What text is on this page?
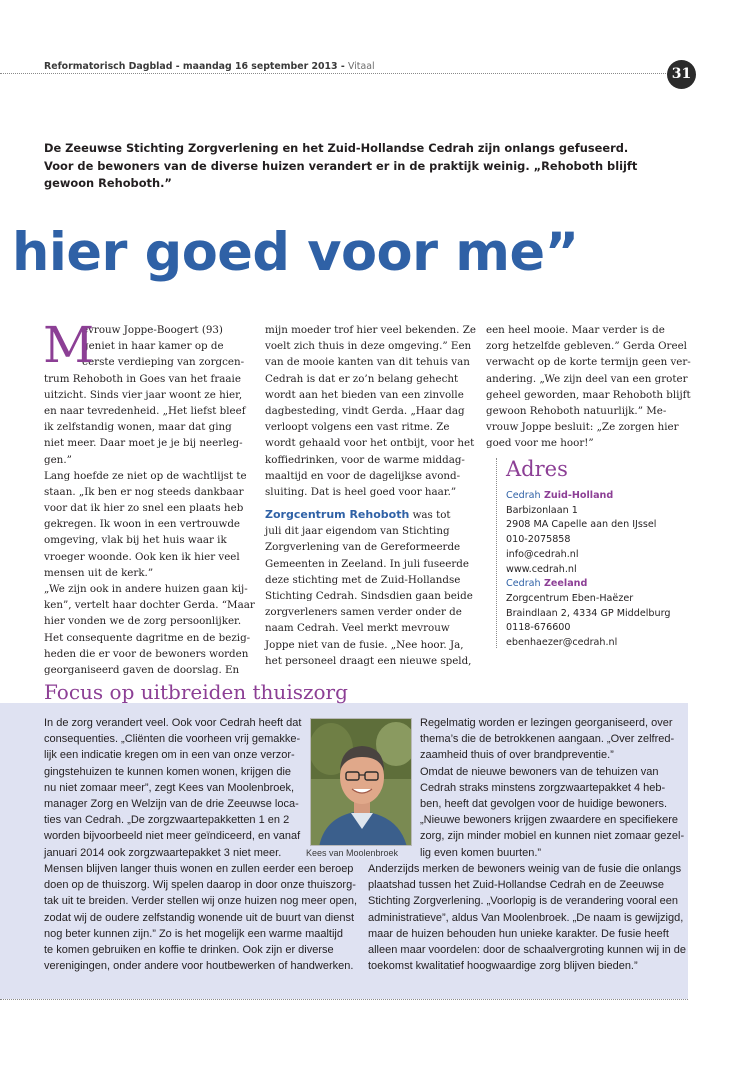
Reformatorisch Dagblad - maandag 16 september 2013 - Vitaal	31
De Zeeuwse Stichting Zorgverlening en het Zuid-Hollandse Cedrah zijn onlangs gefuseerd. Voor de bewoners van de diverse huizen verandert er in de praktijk weinig. „Rehoboth blijft gewoon Rehoboth.”
hier goed voor me”
M
evrouw Joppe-Boogert (93)
geniet in haar kamer op de
eerste verdieping van zorgcen-
trum Rehoboth in Goes van het fraaie
uitzicht. Sinds vier jaar woont ze hier,
en naar tevredenheid. „Het liefst bleef
ik zelfstandig wonen, maar dat ging
niet meer. Daar moet je je bij neerleg-
gen.”
Lang hoefde ze niet op de wachtlijst te
staan. „Ik ben er nog steeds dankbaar
voor dat ik hier zo snel een plaats heb
gekregen. Ik woon in een vertrouwde
omgeving, vlak bij het huis waar ik
vroeger woonde. Ook ken ik hier veel
mensen uit de kerk.”
„We zijn ook in andere huizen gaan kij-
ken”, vertelt haar dochter Gerda. “Maar
hier vonden we de zorg persoonlijker.
Het consequente dagritme en de bezig-
heden die er voor de bewoners worden
georganiseerd gaven de doorslag. En
mijn moeder trof hier veel bekenden. Ze
voelt zich thuis in deze omgeving.” Een
van de mooie kanten van dit tehuis van
Cedrah is dat er zo’n belang gehecht
wordt aan het bieden van een zinvolle
dagbesteding, vindt Gerda. „Haar dag
verloopt volgens een vast ritme. Ze
wordt gehaald voor het ontbijt, voor het
koffiedrinken, voor de warme middag-
maaltijd en voor de dagelijkse avond-
sluiting. Dat is heel goed voor haar.”
Zorgcentrum Rehoboth was tot
juli dit jaar eigendom van Stichting
Zorgverlening van de Gereformeerde
Gemeenten in Zeeland. In juli fuseerde
deze stichting met de Zuid-Hollandse
Stichting Cedrah. Sindsdien gaan beide
zorgverleners samen verder onder de
naam Cedrah. Veel merkt mevrouw
Joppe niet van de fusie. „Nee hoor. Ja,
het personeel draagt een nieuwe speld,
een heel mooie. Maar verder is de
zorg hetzelfde gebleven.” Gerda Oreel
verwacht op de korte termijn geen ver-
andering. „We zijn deel van een groter
geheel geworden, maar Rehoboth blijft
gewoon Rehoboth natuurlijk.” Me-
vrouw Joppe besluit: „Ze zorgen hier
goed voor me hoor!”
Adres
Cedrah Zuid-Holland
Barbizonlaan 1
2908 MA Capelle aan den IJssel
010-2075858
info@cedrah.nl
www.cedrah.nl
Cedrah Zeeland
Zorgcentrum Eben-Haëzer
Braindlaan 2, 4334 GP Middelburg
0118-676600
ebenhaezer@cedrah.nl
Focus op uitbreiden thuiszorg
In de zorg verandert veel. Ook voor Cedrah heeft dat
consequenties. „Cliënten die voorheen vrij gemakke-
lijk een indicatie kregen om in een van onze verzor-
gingstehuizen te kunnen komen wonen, krijgen die
nu niet zomaar meer”, zegt Kees van Moolenbroek,
manager Zorg en Welzijn van de drie Zeeuwse loca-
ties van Cedrah. „De zorgzwaartepakketten 1 en 2
worden bijvoorbeeld niet meer geïndiceerd, en vanaf
januari 2014 ook zorgzwaartepakket 3 niet meer.
Mensen blijven langer thuis wonen en zullen eerder een beroep
doen op de thuiszorg. Wij spelen daarop in door onze thuiszorg-
tak uit te breiden. Verder stellen wij onze huizen nog meer open,
zodat wij de oudere zelfstandig wonende uit de buurt van dienst
nog beter kunnen zijn.” Zo is het mogelijk een warme maaltijd
te komen gebruiken en koffie te drinken. Ook zijn er diverse
verenigingen, onder andere voor houtbewerken of handwerken.
Regelmatig worden er lezingen georganiseerd, over
thema’s die de betrokkenen aangaan. „Over zelfred-
zaamheid thuis of over brandpreventie.”
Omdat de nieuwe bewoners van de tehuizen van
Cedrah straks minstens zorgzwaartepakket 4 heb-
ben, heeft dat gevolgen voor de huidige bewoners.
„Nieuwe bewoners krijgen zwaardere en specifiekere
zorg, zijn minder mobiel en kunnen niet zomaar gezel-
lig even komen buurten.”
Anderzijds merken de bewoners weinig van de fusie die onlangs
plaatshad tussen het Zuid-Hollandse Cedrah en de Zeeuwse
Stichting Zorgverlening. „Voorlopig is de verandering vooral een
administratieve”, aldus Van Moolenbroek. „De naam is gewijzigd,
maar de huizen behouden hun unieke karakter. De fusie heeft
alleen maar voordelen: door de schaalvergroting kunnen wij in de
toekomst kwalitatief hoogwaardige zorg blijven bieden.”
Kees van Moolenbroek
